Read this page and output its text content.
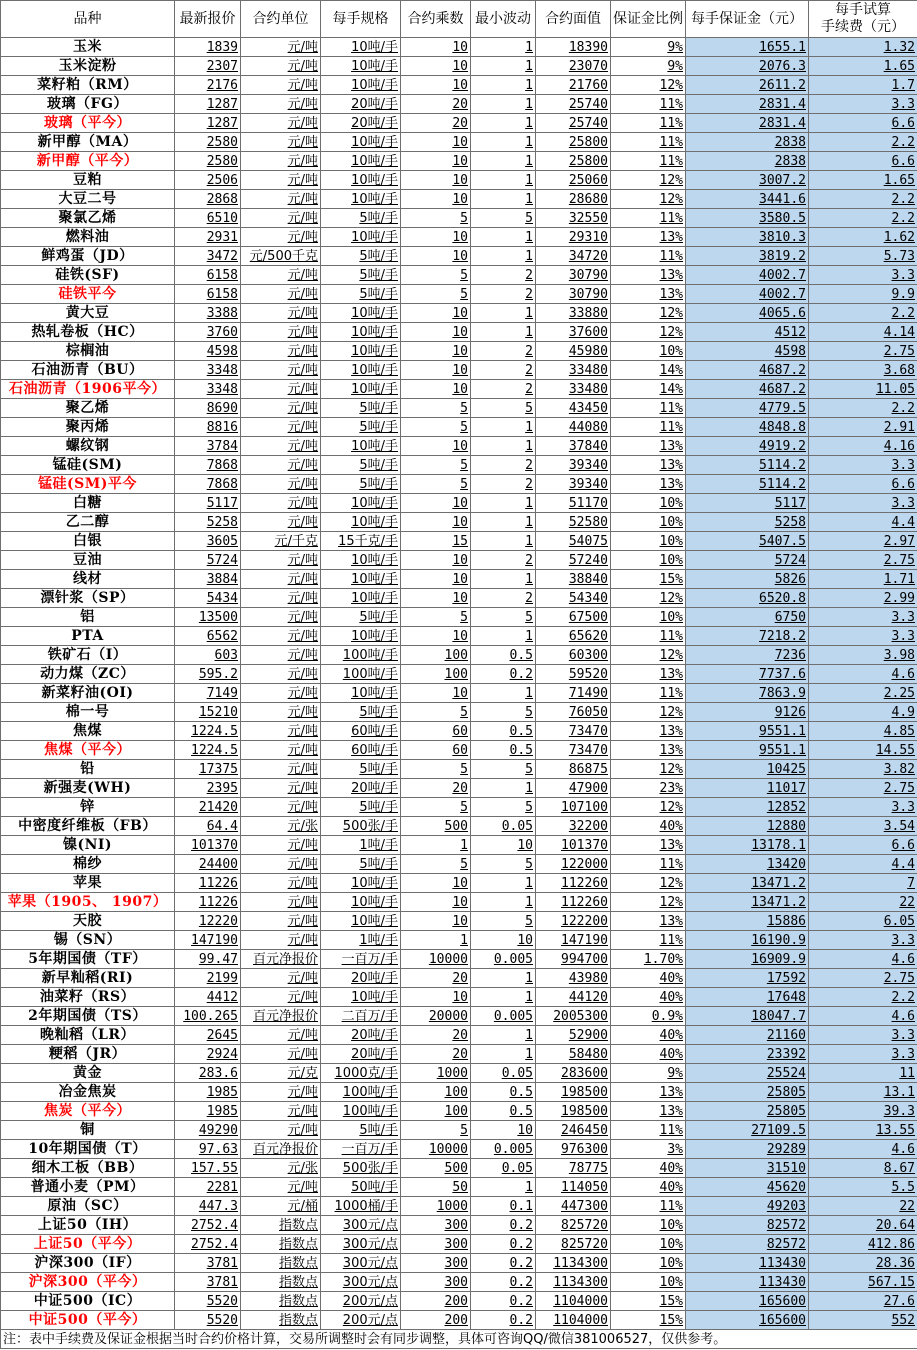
品种	最新报价	合约单位	每手规格	合约乘数	最小波动	合约面值	保证金比例	每手保证金（元）	每手试算
手续费（元）

玉米	1839	元/吨	10吨/手	10	1	18390	9%	1655.1	1.32
玉米淀粉	2307	元/吨	10吨/手	10	1	23070	9%	2076.3	1.65
菜籽粕（RM）	2176	元/吨	10吨/手	10	1	21760	12%	2611.2	1.7
玻璃（FG）	1287	元/吨	20吨/手	20	1	25740	11%	2831.4	3.3
玻璃（平今）	1287	元/吨	20吨/手	20	1	25740	11%	2831.4	6.6
新甲醇（MA）	2580	元/吨	10吨/手	10	1	25800	11%	2838	2.2
新甲醇（平今）	2580	元/吨	10吨/手	10	1	25800	11%	2838	6.6
豆粕	2506	元/吨	10吨/手	10	1	25060	12%	3007.2	1.65
大豆二号	2868	元/吨	10吨/手	10	1	28680	12%	3441.6	2.2
聚氯乙烯	6510	元/吨	5吨/手	5	5	32550	11%	3580.5	2.2
燃料油	2931	元/吨	10吨/手	10	1	29310	13%	3810.3	1.62
鲜鸡蛋（JD）	3472	元/500千克	5吨/手	10	1	34720	11%	3819.2	5.73
硅铁(SF)	6158	元/吨	5吨/手	5	2	30790	13%	4002.7	3.3
硅铁平今	6158	元/吨	5吨/手	5	2	30790	13%	4002.7	9.9
黄大豆	3388	元/吨	10吨/手	10	1	33880	12%	4065.6	2.2
热轧卷板（HC）	3760	元/吨	10吨/手	10	1	37600	12%	4512	4.14
棕榈油	4598	元/吨	10吨/手	10	2	45980	10%	4598	2.75
石油沥青（BU）	3348	元/吨	10吨/手	10	2	33480	14%	4687.2	3.68
石油沥青（1906平今）	3348	元/吨	10吨/手	10	2	33480	14%	4687.2	11.05
聚乙烯	8690	元/吨	5吨/手	5	5	43450	11%	4779.5	2.2
聚丙烯	8816	元/吨	5吨/手	5	1	44080	11%	4848.8	2.91
螺纹钢	3784	元/吨	10吨/手	10	1	37840	13%	4919.2	4.16
锰硅(SM)	7868	元/吨	5吨/手	5	2	39340	13%	5114.2	3.3
锰硅(SM)平今	7868	元/吨	5吨/手	5	2	39340	13%	5114.2	6.6
白糖	5117	元/吨	10吨/手	10	1	51170	10%	5117	3.3
乙二醇	5258	元/吨	10吨/手	10	1	52580	10%	5258	4.4
白银	3605	元/千克	15千克/手	15	1	54075	10%	5407.5	2.97
豆油	5724	元/吨	10吨/手	10	2	57240	10%	5724	2.75
线材	3884	元/吨	10吨/手	10	1	38840	15%	5826	1.71
漂针浆（SP）	5434	元/吨	10吨/手	10	2	54340	12%	6520.8	2.99
铝	13500	元/吨	5吨/手	5	5	67500	10%	6750	3.3
PTA	6562	元/吨	10吨/手	10	1	65620	11%	7218.2	3.3
铁矿石（I）	603	元/吨	100吨/手	100	0.5	60300	12%	7236	3.98
动力煤（ZC）	595.2	元/吨	100吨/手	100	0.2	59520	13%	7737.6	4.6
新菜籽油(OI)	7149	元/吨	10吨/手	10	1	71490	11%	7863.9	2.25
棉一号	15210	元/吨	5吨/手	5	5	76050	12%	9126	4.9
焦煤	1224.5	元/吨	60吨/手	60	0.5	73470	13%	9551.1	4.85
焦煤（平今）	1224.5	元/吨	60吨/手	60	0.5	73470	13%	9551.1	14.55
铅	17375	元/吨	5吨/手	5	5	86875	12%	10425	3.82
新强麦(WH)	2395	元/吨	20吨/手	20	1	47900	23%	11017	2.75
锌	21420	元/吨	5吨/手	5	5	107100	12%	12852	3.3
中密度纤维板（FB）	64.4	元/张	500张/手	500	0.05	32200	40%	12880	3.54
镍(NI)	101370	元/吨	1吨/手	1	10	101370	13%	13178.1	6.6
棉纱	24400	元/吨	5吨/手	5	5	122000	11%	13420	4.4
苹果	11226	元/吨	10吨/手	10	1	112260	12%	13471.2	7
苹果（1905、 1907）	11226	元/吨	10吨/手	10	1	112260	12%	13471.2	22
天胶	12220	元/吨	10吨/手	10	5	122200	13%	15886	6.05
锡（SN）	147190	元/吨	1吨/手	1	10	147190	11%	16190.9	3.3
5年期国债（TF）	99.47	百元净报价	一百万/手	10000	0.005	994700	1.70%	16909.9	4.6
新早籼稻(RI)	2199	元/吨	20吨/手	20	1	43980	40%	17592	2.75
油菜籽（RS）	4412	元/吨	10吨/手	10	1	44120	40%	17648	2.2
2年期国债（TS）	100.265	百元净报价	二百万/手	20000	0.005	2005300	0.9%	18047.7	4.6
晚籼稻（LR）	2645	元/吨	20吨/手	20	1	52900	40%	21160	3.3
粳稻（JR）	2924	元/吨	20吨/手	20	1	58480	40%	23392	3.3
黄金	283.6	元/克	1000克/手	1000	0.05	283600	9%	25524	11
冶金焦炭	1985	元/吨	100吨/手	100	0.5	198500	13%	25805	13.1
焦炭（平今）	1985	元/吨	100吨/手	100	0.5	198500	13%	25805	39.3
铜	49290	元/吨	5吨/手	5	10	246450	11%	27109.5	13.55
10年期国债（T）	97.63	百元净报价	一百万/手	10000	0.005	976300	3%	29289	4.6
细木工板（BB）	157.55	元/张	500张/手	500	0.05	78775	40%	31510	8.67
普通小麦（PM）	2281	元/吨	50吨/手	50	1	114050	40%	45620	5.5
原油（SC）	447.3	元/桶	1000桶/手	1000	0.1	447300	11%	49203	22
上证50（IH）	2752.4	指数点	300元/点	300	0.2	825720	10%	82572	20.64
上证50（平今）	2752.4	指数点	300元/点	300	0.2	825720	10%	82572	412.86
沪深300（IF）	3781	指数点	300元/点	300	0.2	1134300	10%	113430	28.36
沪深300（平今）	3781	指数点	300元/点	300	0.2	1134300	10%	113430	567.15
中证500（IC）	5520	指数点	200元/点	200	0.2	1104000	15%	165600	27.6
中证500（平今）	5520	指数点	200元/点	200	0.2	1104000	15%	165600	552
注：表中手续费及保证金根据当时合约价格计算，交易所调整时会有同步调整，具体可咨询QQ/微信381006527，仅供参考。									
